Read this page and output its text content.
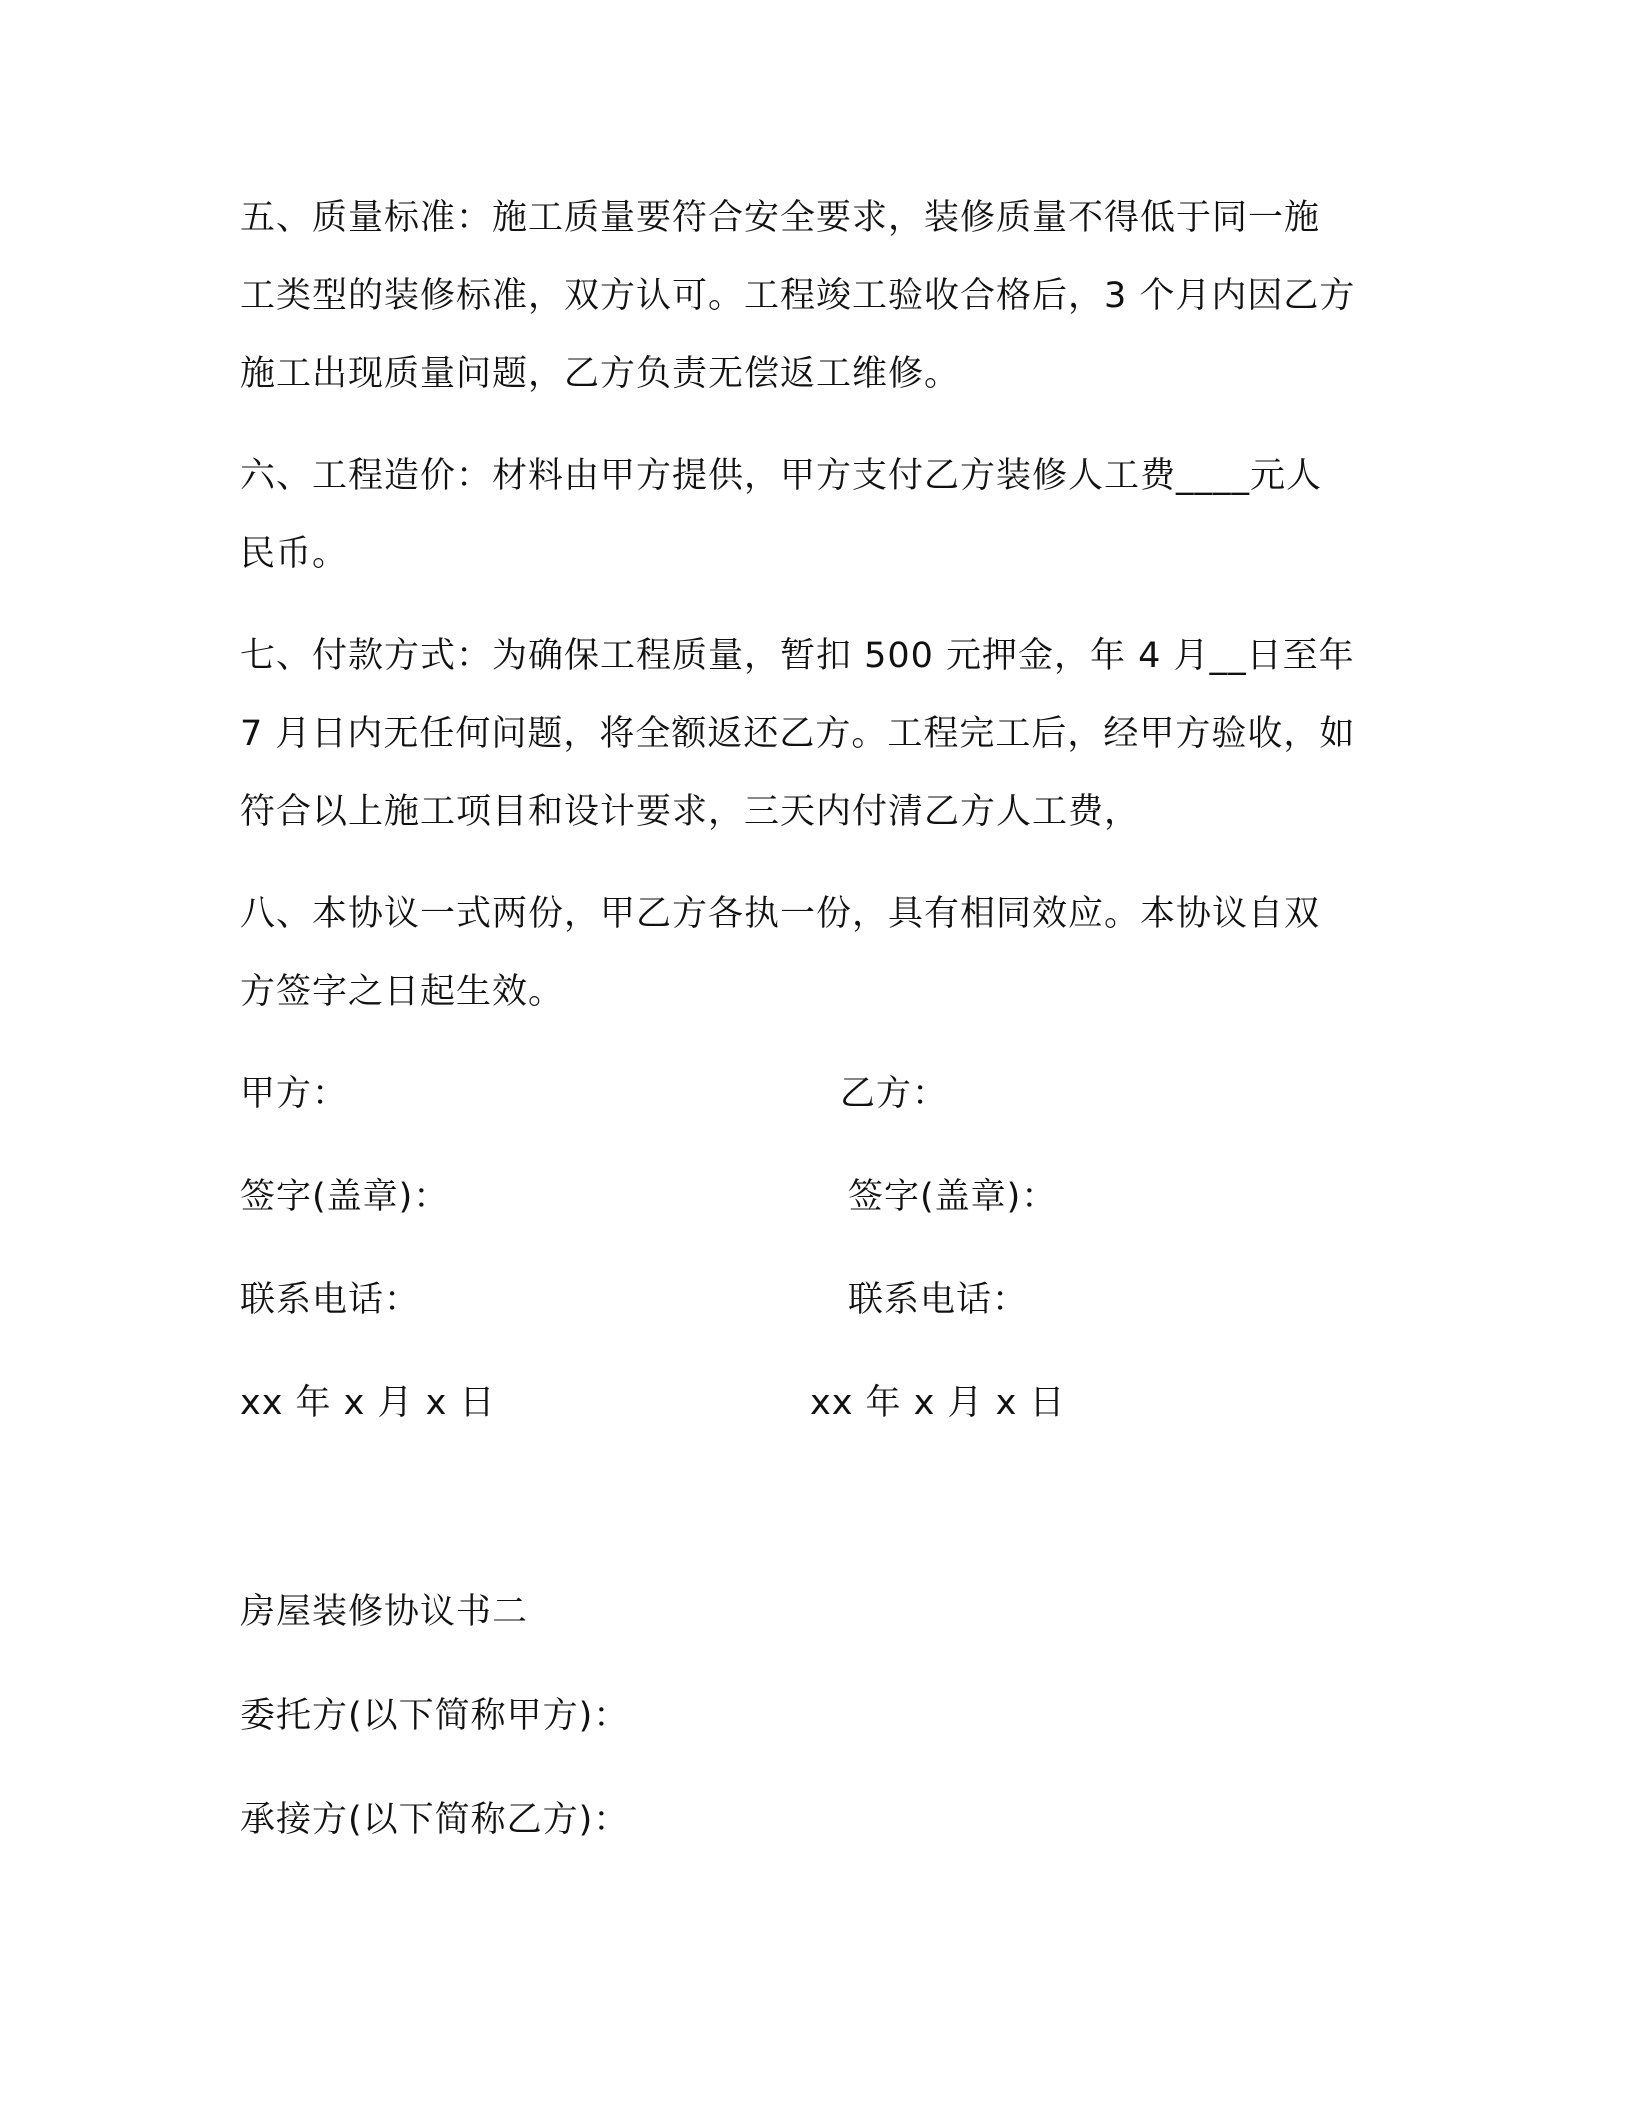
五、质量标准：施工质量要符合安全要求，装修质量不得低于同一施
工类型的装修标准，双方认可。工程竣工验收合格后，3 个月内因乙方
施工出现质量问题，乙方负责无偿返工维修。
六、工程造价：材料由甲方提供，甲方支付乙方装修人工费____元人
民币。
七、付款方式：为确保工程质量，暂扣 500 元押金，年 4 月__日至年
7 月日内无任何问题，将全额返还乙方。工程完工后，经甲方验收，如
符合以上施工项目和设计要求，三天内付清乙方人工费，
八、本协议一式两份，甲乙方各执一份，具有相同效应。本协议自双
方签字之日起生效。
甲方：	乙方：
签字(盖章)：	签字(盖章)：
联系电话：	联系电话：
xx 年 x 月 x 日	xx 年 x 月 x 日
房屋装修协议书二
委托方(以下简称甲方)：
承接方(以下简称乙方)：
